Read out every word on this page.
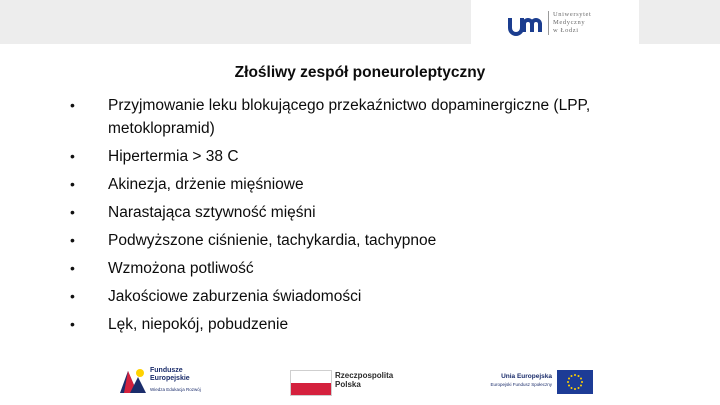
Uniwersytet
Medyczny
w Łodzi
Złośliwy zespół poneuroleptyczny
•	Przyjmowanie leku blokującego przekaźnictwo dopaminergiczne (LPP, metoklopramid)
•	Hipertermia > 38 C
•	Akinezja, drżenie mięśniowe
•	Narastająca sztywność mięśni
•	Podwyższone ciśnienie, tachykardia, tachypnoe
•	Wzmożona potliwość
•	Jakościowe zaburzenia świadomości
•	Lęk, niepokój, pobudzenie
Fundusze
Europejskie
Wiedza Edukacja Rozwój
Rzeczpospolita
Polska
Unia Europejska
Europejski Fundusz Społeczny
